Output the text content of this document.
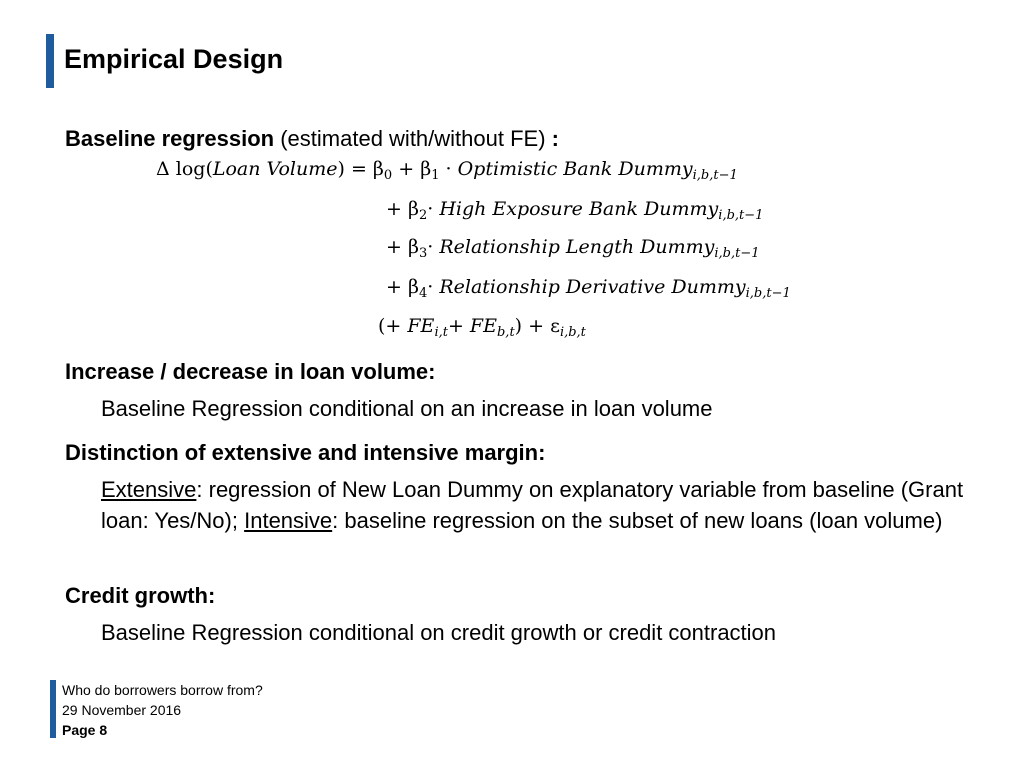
Empirical Design
Baseline regression (estimated with/without FE) :
Δ log(Loan Volume) = $\beta_0 + \beta_1$ · Optimistic Bank Dummy$_{i,b,t-1}$
+ $\beta_2\cdot$ High Exposure Bank Dummy$_{i,b,t-1}$
+ $\beta_3\cdot$ Relationship Length Dummy$_{i,b,t-1}$
+ $\beta_4\cdot$ Relationship Derivative Dummy$_{i,b,t-1}$
(+ $FE_{i,t}+ FE_{b,t}) + \varepsilon_{i,b,t}$
Increase / decrease in loan volume:
Baseline Regression conditional on an increase in loan volume
Distinction of extensive and intensive margin:
Extensive: regression of New Loan Dummy on explanatory variable from baseline (Grant loan: Yes/No); Intensive: baseline regression on the subset of new loans (loan volume)
Credit growth:
Baseline Regression conditional on credit growth or credit contraction
Who do borrowers borrow from?
29 November 2016
Page 8
